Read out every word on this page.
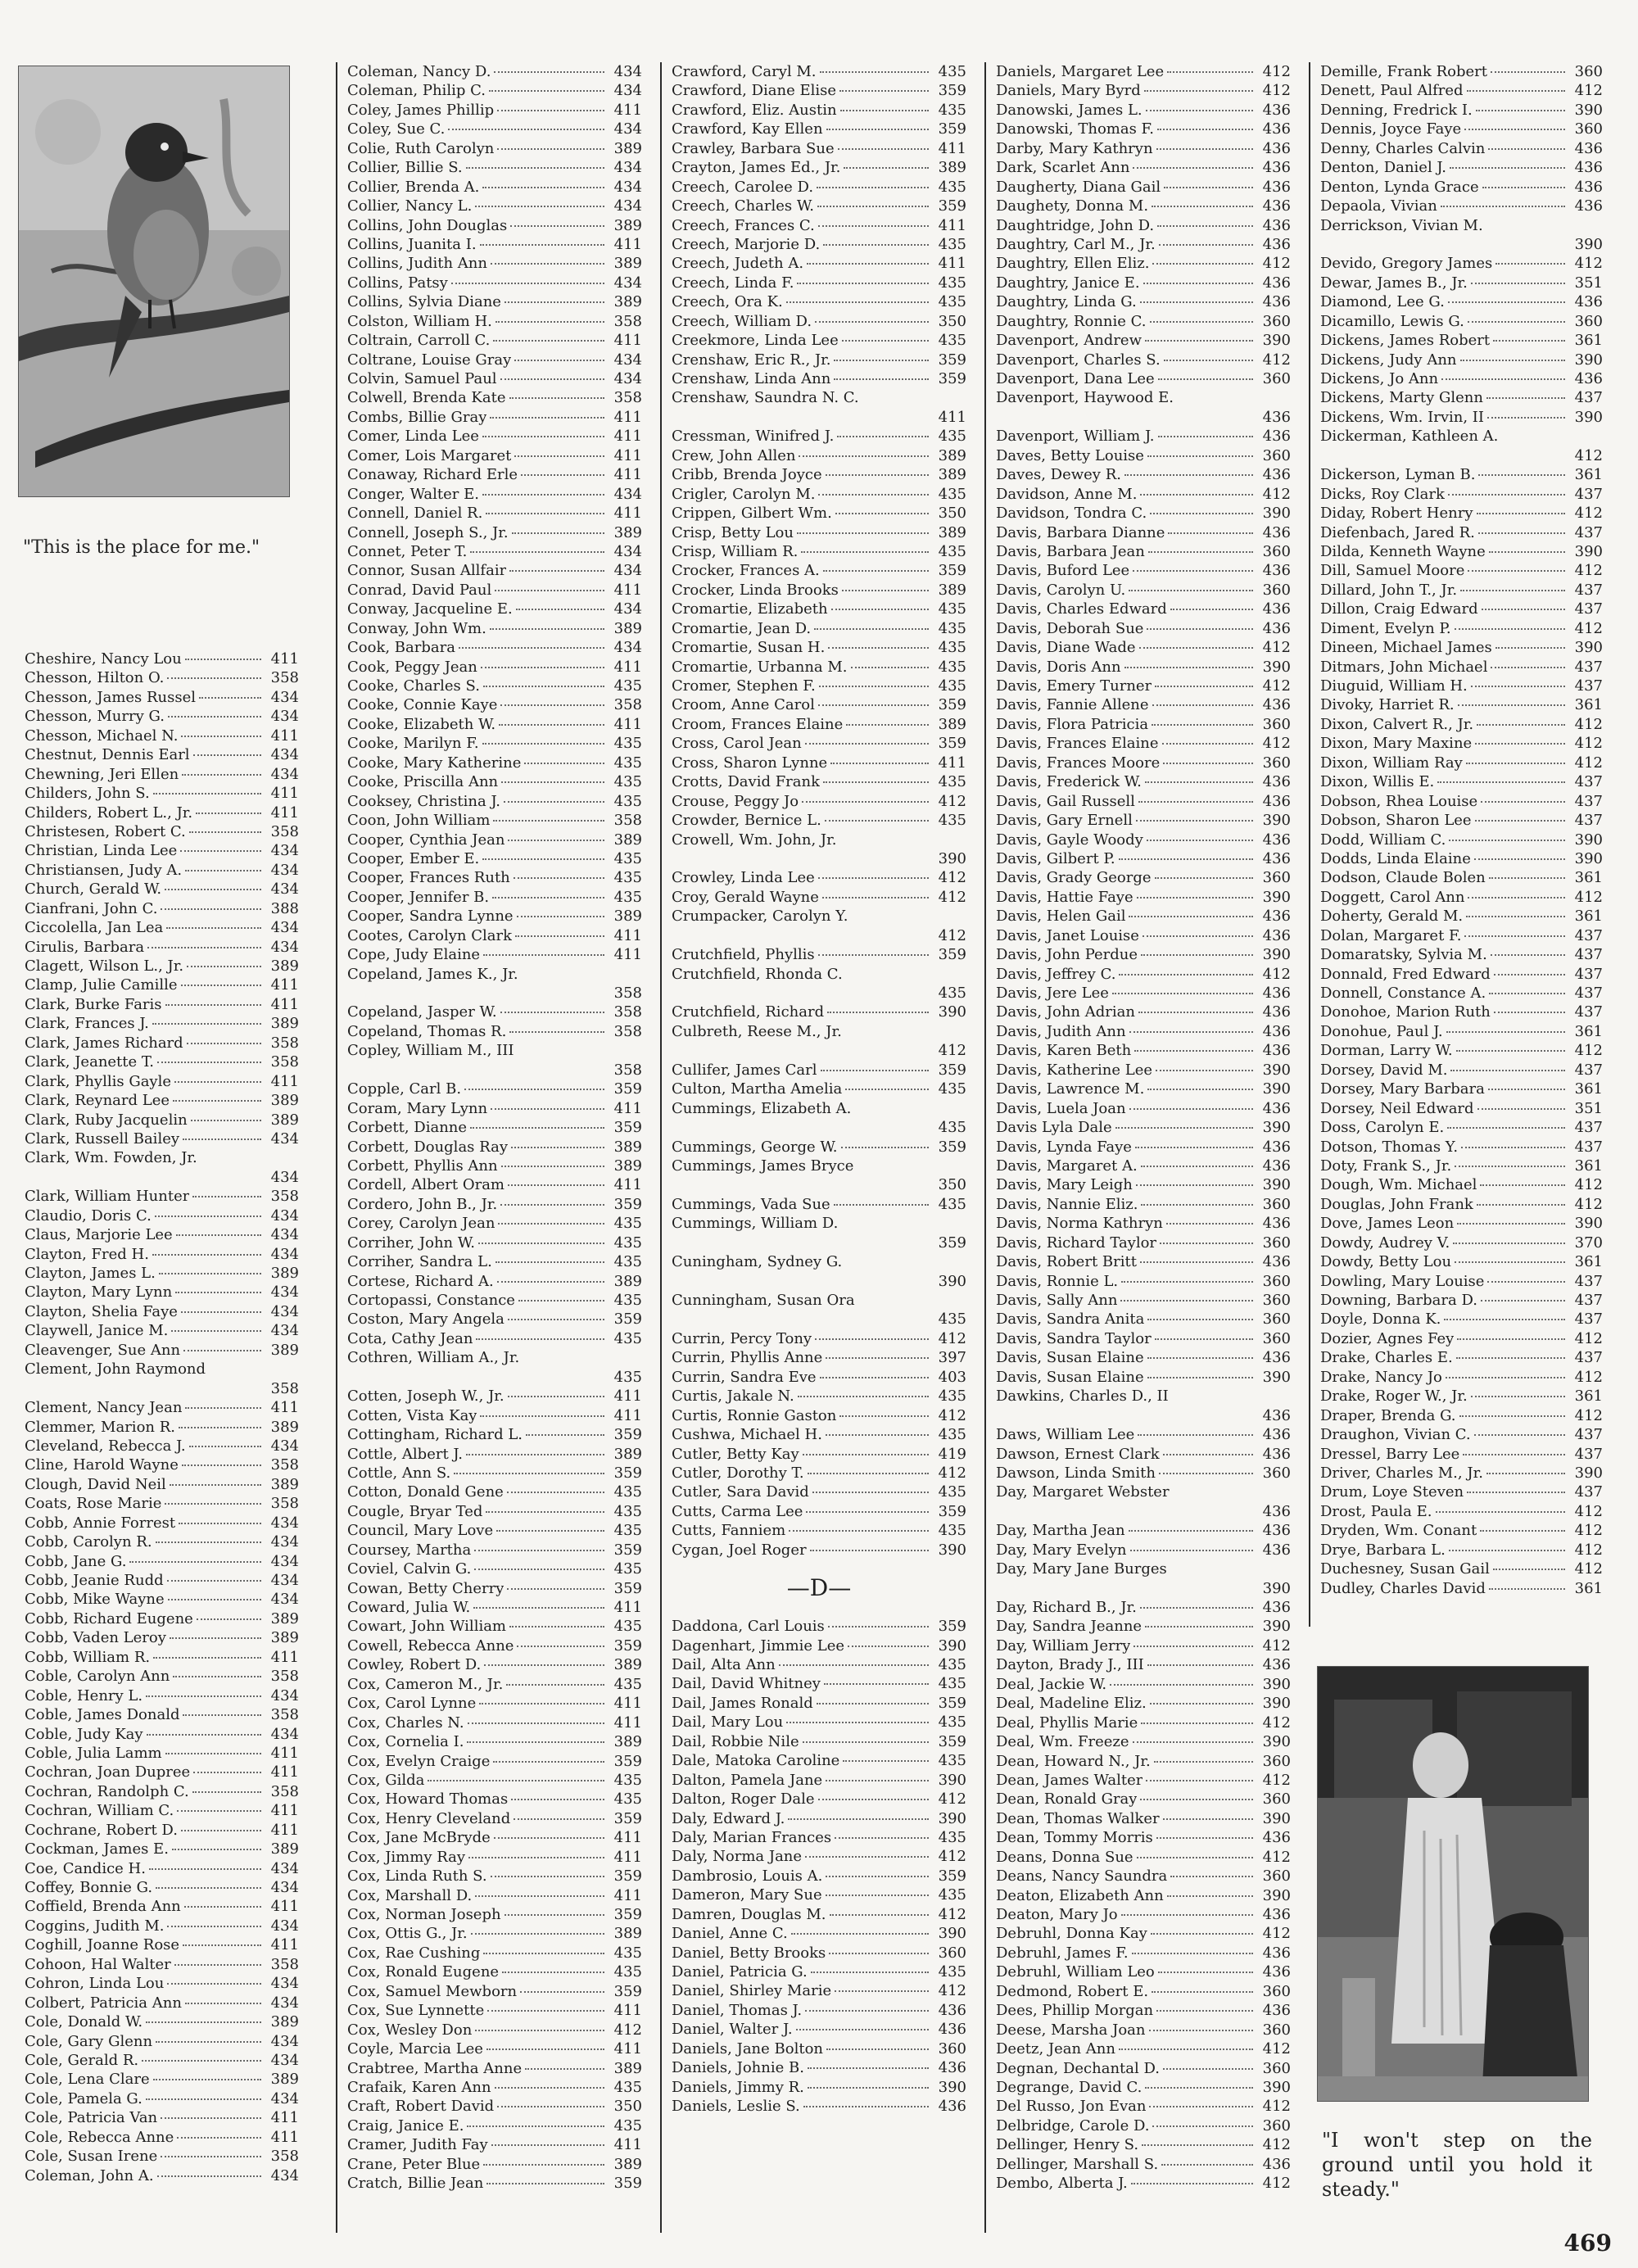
"This is the place for me."
Cheshire, Nancy Lou	411
Chesson, Hilton O.	358
Chesson, James Russel	434
Chesson, Murry G.	434
Chesson, Michael N.	411
Chestnut, Dennis Earl	434
Chewning, Jeri Ellen	434
Childers, John S.	411
Childers, Robert L., Jr.	411
Christesen, Robert C.	358
Christian, Linda Lee	434
Christiansen, Judy A.	434
Church, Gerald W.	434
Cianfrani, John C.	388
Ciccolella, Jan Lea	434
Cirulis, Barbara	434
Clagett, Wilson L., Jr.	389
Clamp, Julie Camille	411
Clark, Burke Faris	411
Clark, Frances J.	389
Clark, James Richard	358
Clark, Jeanette T.	358
Clark, Phyllis Gayle	411
Clark, Reynard Lee	389
Clark, Ruby Jacquelin	389
Clark, Russell Bailey	434
Clark, Wm. Fowden, Jr.
434
Clark, William Hunter	358
Claudio, Doris C.	434
Claus, Marjorie Lee	434
Clayton, Fred H.	434
Clayton, James L.	389
Clayton, Mary Lynn	434
Clayton, Shelia Faye	434
Claywell, Janice M.	434
Cleavenger, Sue Ann	389
Clement, John Raymond
358
Clement, Nancy Jean	411
Clemmer, Marion R.	389
Cleveland, Rebecca J.	434
Cline, Harold Wayne	358
Clough, David Neil	389
Coats, Rose Marie	358
Cobb, Annie Forrest	434
Cobb, Carolyn R.	434
Cobb, Jane G.	434
Cobb, Jeanie Rudd	434
Cobb, Mike Wayne	434
Cobb, Richard Eugene	389
Cobb, Vaden Leroy	389
Cobb, William R.	411
Coble, Carolyn Ann	358
Coble, Henry L.	434
Coble, James Donald	358
Coble, Judy Kay	434
Coble, Julia Lamm	411
Cochran, Joan Dupree	411
Cochran, Randolph C.	358
Cochran, William C.	411
Cochrane, Robert D.	411
Cockman, James E.	389
Coe, Candice H.	434
Coffey, Bonnie G.	434
Coffield, Brenda Ann	411
Coggins, Judith M.	434
Coghill, Joanne Rose	411
Cohoon, Hal Walter	358
Cohron, Linda Lou	434
Colbert, Patricia Ann	434
Cole, Donald W.	389
Cole, Gary Glenn	434
Cole, Gerald R.	434
Cole, Lena Clare	389
Cole, Pamela G.	434
Cole, Patricia Van	411
Cole, Rebecca Anne	411
Cole, Susan Irene	358
Coleman, John A.	434
Coleman, Nancy D.	434
Coleman, Philip C.	434
Coley, James Phillip	411
Coley, Sue C.	434
Colie, Ruth Carolyn	389
Collier, Billie S.	434
Collier, Brenda A.	434
Collier, Nancy L.	434
Collins, John Douglas	389
Collins, Juanita I.	411
Collins, Judith Ann	389
Collins, Patsy	434
Collins, Sylvia Diane	389
Colston, William H.	358
Coltrain, Carroll C.	411
Coltrane, Louise Gray	434
Colvin, Samuel Paul	434
Colwell, Brenda Kate	358
Combs, Billie Gray	411
Comer, Linda Lee	411
Comer, Lois Margaret	411
Conaway, Richard Erle	411
Conger, Walter E.	434
Connell, Daniel R.	411
Connell, Joseph S., Jr.	389
Connet, Peter T.	434
Connor, Susan Allfair	434
Conrad, David Paul	411
Conway, Jacqueline E.	434
Conway, John Wm.	389
Cook, Barbara	434
Cook, Peggy Jean	411
Cooke, Charles S.	435
Cooke, Connie Kaye	358
Cooke, Elizabeth W.	411
Cooke, Marilyn F.	435
Cooke, Mary Katherine	435
Cooke, Priscilla Ann	435
Cooksey, Christina J.	435
Coon, John William	358
Cooper, Cynthia Jean	389
Cooper, Ember E.	435
Cooper, Frances Ruth	435
Cooper, Jennifer B.	435
Cooper, Sandra Lynne	389
Cootes, Carolyn Clark	411
Cope, Judy Elaine	411
Copeland, James K., Jr.
358
Copeland, Jasper W.	358
Copeland, Thomas R.	358
Copley, William M., III
358
Copple, Carl B.	359
Coram, Mary Lynn	411
Corbett, Dianne	359
Corbett, Douglas Ray	389
Corbett, Phyllis Ann	389
Cordell, Albert Oram	411
Cordero, John B., Jr.	359
Corey, Carolyn Jean	435
Corriher, John W.	435
Corriher, Sandra L.	435
Cortese, Richard A.	389
Cortopassi, Constance	435
Coston, Mary Angela	359
Cota, Cathy Jean	435
Cothren, William A., Jr.
435
Cotten, Joseph W., Jr.	411
Cotten, Vista Kay	411
Cottingham, Richard L.	359
Cottle, Albert J.	389
Cottle, Ann S.	359
Cotton, Donald Gene	435
Cougle, Bryar Ted	435
Council, Mary Love	435
Coursey, Martha	359
Coviel, Calvin G.	435
Cowan, Betty Cherry	359
Coward, Julia W.	411
Cowart, John William	435
Cowell, Rebecca Anne	359
Cowley, Robert D.	389
Cox, Cameron M., Jr.	435
Cox, Carol Lynne	411
Cox, Charles N.	411
Cox, Cornelia I.	389
Cox, Evelyn Craige	359
Cox, Gilda	435
Cox, Howard Thomas	435
Cox, Henry Cleveland	359
Cox, Jane McBryde	411
Cox, Jimmy Ray	411
Cox, Linda Ruth S.	359
Cox, Marshall D.	411
Cox, Norman Joseph	359
Cox, Ottis G., Jr.	389
Cox, Rae Cushing	435
Cox, Ronald Eugene	435
Cox, Samuel Mewborn	359
Cox, Sue Lynnette	411
Cox, Wesley Don	412
Coyle, Marcia Lee	411
Crabtree, Martha Anne	389
Crafaik, Karen Ann	435
Craft, Robert David	350
Craig, Janice E.	435
Cramer, Judith Fay	411
Crane, Peter Blue	389
Cratch, Billie Jean	359
Crawford, Caryl M.	435
Crawford, Diane Elise	359
Crawford, Eliz. Austin	435
Crawford, Kay Ellen	359
Crawley, Barbara Sue	411
Crayton, James Ed., Jr.	389
Creech, Carolee D.	435
Creech, Charles W.	359
Creech, Frances C.	411
Creech, Marjorie D.	435
Creech, Judeth A.	411
Creech, Linda F.	435
Creech, Ora K.	435
Creech, William D.	350
Creekmore, Linda Lee	435
Crenshaw, Eric R., Jr.	359
Crenshaw, Linda Ann	359
Crenshaw, Saundra N. C.
411
Cressman, Winifred J.	435
Crew, John Allen	389
Cribb, Brenda Joyce	389
Crigler, Carolyn M.	435
Crippen, Gilbert Wm.	350
Crisp, Betty Lou	389
Crisp, William R.	435
Crocker, Frances A.	359
Crocker, Linda Brooks	389
Cromartie, Elizabeth	435
Cromartie, Jean D.	435
Cromartie, Susan H.	435
Cromartie, Urbanna M.	435
Cromer, Stephen F.	435
Croom, Anne Carol	359
Croom, Frances Elaine	389
Cross, Carol Jean	359
Cross, Sharon Lynne	411
Crotts, David Frank	435
Crouse, Peggy Jo	412
Crowder, Bernice L.	435
Crowell, Wm. John, Jr.
390
Crowley, Linda Lee	412
Croy, Gerald Wayne	412
Crumpacker, Carolyn Y.
412
Crutchfield, Phyllis	359
Crutchfield, Rhonda C.
435
Crutchfield, Richard	390
Culbreth, Reese M., Jr.
412
Cullifer, James Carl	359
Culton, Martha Amelia	435
Cummings, Elizabeth A.
435
Cummings, George W.	359
Cummings, James Bryce
350
Cummings, Vada Sue	435
Cummings, William D.
359
Cuningham, Sydney G.
390
Cunningham, Susan Ora
435
Currin, Percy Tony	412
Currin, Phyllis Anne	397
Currin, Sandra Eve	403
Curtis, Jakale N.	435
Curtis, Ronnie Gaston	412
Cushwa, Michael H.	435
Cutler, Betty Kay	419
Cutler, Dorothy T.	412
Cutler, Sara David	435
Cutts, Carma Lee	359
Cutts, Fanniem	435
Cygan, Joel Roger	390
—D—
Daddona, Carl Louis	359
Dagenhart, Jimmie Lee	390
Dail, Alta Ann	435
Dail, David Whitney	435
Dail, James Ronald	359
Dail, Mary Lou	435
Dail, Robbie Nile	359
Dale, Matoka Caroline	435
Dalton, Pamela Jane	390
Dalton, Roger Dale	412
Daly, Edward J.	390
Daly, Marian Frances	435
Daly, Norma Jane	412
Dambrosio, Louis A.	359
Dameron, Mary Sue	435
Damren, Douglas M.	412
Daniel, Anne C.	390
Daniel, Betty Brooks	360
Daniel, Patricia G.	435
Daniel, Shirley Marie	412
Daniel, Thomas J.	436
Daniel, Walter J.	436
Daniels, Jane Bolton	360
Daniels, Johnie B.	436
Daniels, Jimmy R.	390
Daniels, Leslie S.	436
Daniels, Margaret Lee	412
Daniels, Mary Byrd	412
Danowski, James L.	436
Danowski, Thomas F.	436
Darby, Mary Kathryn	436
Dark, Scarlet Ann	436
Daugherty, Diana Gail	436
Daughety, Donna M.	436
Daughtridge, John D.	436
Daughtry, Carl M., Jr.	436
Daughtry, Ellen Eliz.	412
Daughtry, Janice E.	436
Daughtry, Linda G.	436
Daughtry, Ronnie C.	360
Davenport, Andrew	390
Davenport, Charles S.	412
Davenport, Dana Lee	360
Davenport, Haywood E.
436
Davenport, William J.	436
Daves, Betty Louise	360
Daves, Dewey R.	436
Davidson, Anne M.	412
Davidson, Tondra C.	390
Davis, Barbara Dianne	436
Davis, Barbara Jean	360
Davis, Buford Lee	436
Davis, Carolyn U.	360
Davis, Charles Edward	436
Davis, Deborah Sue	436
Davis, Diane Wade	412
Davis, Doris Ann	390
Davis, Emery Turner	412
Davis, Fannie Allene	436
Davis, Flora Patricia	360
Davis, Frances Elaine	412
Davis, Frances Moore	360
Davis, Frederick W.	436
Davis, Gail Russell	436
Davis, Gary Ernell	390
Davis, Gayle Woody	436
Davis, Gilbert P.	436
Davis, Grady George	360
Davis, Hattie Faye	390
Davis, Helen Gail	436
Davis, Janet Louise	436
Davis, John Perdue	390
Davis, Jeffrey C.	412
Davis, Jere Lee	436
Davis, John Adrian	436
Davis, Judith Ann	436
Davis, Karen Beth	436
Davis, Katherine Lee	390
Davis, Lawrence M.	390
Davis, Luela Joan	436
Davis Lyla Dale	390
Davis, Lynda Faye	436
Davis, Margaret A.	436
Davis, Mary Leigh	390
Davis, Nannie Eliz.	360
Davis, Norma Kathryn	436
Davis, Richard Taylor	360
Davis, Robert Britt	436
Davis, Ronnie L.	360
Davis, Sally Ann	360
Davis, Sandra Anita	360
Davis, Sandra Taylor	360
Davis, Susan Elaine	436
Davis, Susan Elaine	390
Dawkins, Charles D., II
436
Daws, William Lee	436
Dawson, Ernest Clark	436
Dawson, Linda Smith	360
Day, Margaret Webster
436
Day, Martha Jean	436
Day, Mary Evelyn	436
Day, Mary Jane Burges
390
Day, Richard B., Jr.	436
Day, Sandra Jeanne	390
Day, William Jerry	412
Dayton, Brady J., III	436
Deal, Jackie W.	390
Deal, Madeline Eliz.	390
Deal, Phyllis Marie	412
Deal, Wm. Freeze	390
Dean, Howard N., Jr.	360
Dean, James Walter	412
Dean, Ronald Gray	360
Dean, Thomas Walker	390
Dean, Tommy Morris	436
Deans, Donna Sue	412
Deans, Nancy Saundra	360
Deaton, Elizabeth Ann	390
Deaton, Mary Jo	436
Debruhl, Donna Kay	412
Debruhl, James F.	436
Debruhl, William Leo	436
Dedmond, Robert E.	360
Dees, Phillip Morgan	436
Deese, Marsha Joan	360
Deetz, Jean Ann	412
Degnan, Dechantal D.	360
Degrange, David C.	390
Del Russo, Jon Evan	412
Delbridge, Carole D.	360
Dellinger, Henry S.	412
Dellinger, Marshall S.	436
Dembo, Alberta J.	412
Demille, Frank Robert	360
Denett, Paul Alfred	412
Denning, Fredrick I.	390
Dennis, Joyce Faye	360
Denny, Charles Calvin	436
Denton, Daniel J.	436
Denton, Lynda Grace	436
Depaola, Vivian	436
Derrickson, Vivian M.
390
Devido, Gregory James	412
Dewar, James B., Jr.	351
Diamond, Lee G.	436
Dicamillo, Lewis G.	360
Dickens, James Robert	361
Dickens, Judy Ann	390
Dickens, Jo Ann	436
Dickens, Marty Glenn	437
Dickens, Wm. Irvin, II	390
Dickerman, Kathleen A.
412
Dickerson, Lyman B.	361
Dicks, Roy Clark	437
Diday, Robert Henry	412
Diefenbach, Jared R.	437
Dilda, Kenneth Wayne	390
Dill, Samuel Moore	412
Dillard, John T., Jr.	437
Dillon, Craig Edward	437
Diment, Evelyn P.	412
Dineen, Michael James	390
Ditmars, John Michael	437
Diuguid, William H.	437
Divoky, Harriet R.	361
Dixon, Calvert R., Jr.	412
Dixon, Mary Maxine	412
Dixon, William Ray	412
Dixon, Willis E.	437
Dobson, Rhea Louise	437
Dobson, Sharon Lee	437
Dodd, William C.	390
Dodds, Linda Elaine	390
Dodson, Claude Bolen	361
Doggett, Carol Ann	412
Doherty, Gerald M.	361
Dolan, Margaret F.	437
Domaratsky, Sylvia M.	437
Donnald, Fred Edward	437
Donnell, Constance A.	437
Donohoe, Marion Ruth	437
Donohue, Paul J.	361
Dorman, Larry W.	412
Dorsey, David M.	437
Dorsey, Mary Barbara	361
Dorsey, Neil Edward	351
Doss, Carolyn E.	437
Dotson, Thomas Y.	437
Doty, Frank S., Jr.	361
Dough, Wm. Michael	412
Douglas, John Frank	412
Dove, James Leon	390
Dowdy, Audrey V.	370
Dowdy, Betty Lou	361
Dowling, Mary Louise	437
Downing, Barbara D.	437
Doyle, Donna K.	437
Dozier, Agnes Fey	412
Drake, Charles E.	437
Drake, Nancy Jo	412
Drake, Roger W., Jr.	361
Draper, Brenda G.	412
Draughon, Vivian C.	437
Dressel, Barry Lee	437
Driver, Charles M., Jr.	390
Drum, Loye Steven	437
Drost, Paula E.	412
Dryden, Wm. Conant	412
Drye, Barbara L.	412
Duchesney, Susan Gail	412
Dudley, Charles David	361
"I won't step on the ground until you hold it steady."
469
